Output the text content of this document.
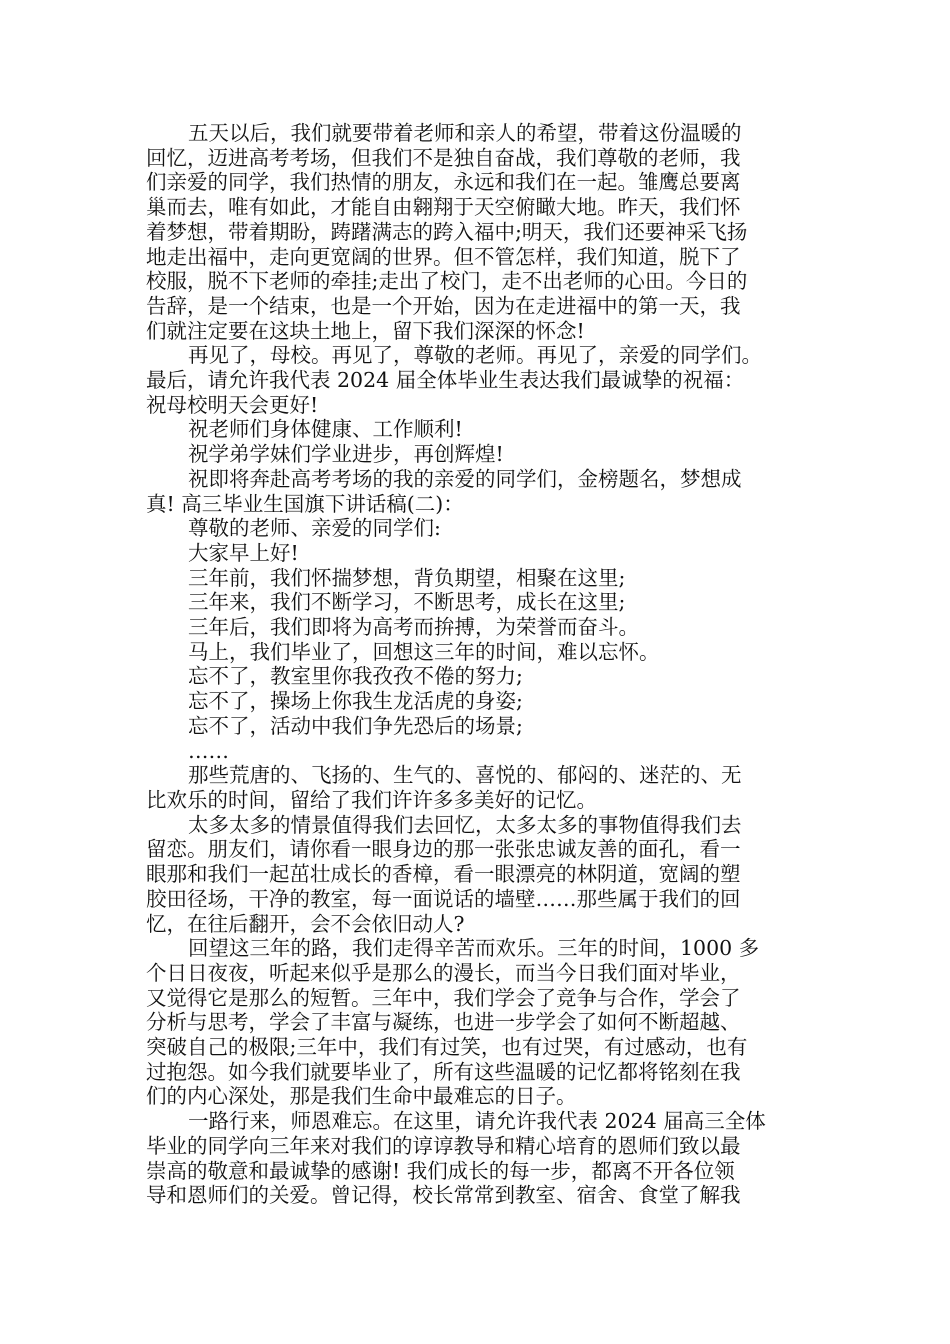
五天以后，我们就要带着老师和亲人的希望，带着这份温暖的

回忆，迈进高考考场，但我们不是独自奋战，我们尊敬的老师，我

们亲爱的同学，我们热情的朋友，永远和我们在一起。雏鹰总要离

巢而去，唯有如此，才能自由翱翔于天空俯瞰大地。昨天，我们怀

着梦想，带着期盼，踌躇满志的跨入福中;明天，我们还要神采飞扬

地走出福中，走向更宽阔的世界。但不管怎样，我们知道，脱下了

校服，脱不下老师的牵挂;走出了校门，走不出老师的心田。今日的

告辞，是一个结束，也是一个开始，因为在走进福中的第一天，我

们就注定要在这块土地上，留下我们深深的怀念!

再见了，母校。再见了，尊敬的老师。再见了，亲爱的同学们。

最后，请允许我代表 2024 届全体毕业生表达我们最诚挚的祝福：

祝母校明天会更好!

祝老师们身体健康、工作顺利!

祝学弟学妹们学业进步，再创辉煌!

祝即将奔赴高考考场的我的亲爱的同学们，金榜题名，梦想成

真! 高三毕业生国旗下讲话稿(二)：

尊敬的老师、亲爱的同学们:

大家早上好!

三年前，我们怀揣梦想，背负期望，相聚在这里;

三年来，我们不断学习，不断思考，成长在这里;

三年后，我们即将为高考而拚搏，为荣誉而奋斗。

马上，我们毕业了，回想这三年的时间，难以忘怀。

忘不了，教室里你我孜孜不倦的努力;

忘不了，操场上你我生龙活虎的身姿;

忘不了，活动中我们争先恐后的场景;

……

那些荒唐的、飞扬的、生气的、喜悦的、郁闷的、迷茫的、无

比欢乐的时间，留给了我们许许多多美好的记忆。

太多太多的情景值得我们去回忆，太多太多的事物值得我们去

留恋。朋友们，请你看一眼身边的那一张张忠诚友善的面孔，看一

眼那和我们一起茁壮成长的香樟，看一眼漂亮的林阴道，宽阔的塑

胶田径场，干净的教室，每一面说话的墙壁……那些属于我们的回

忆，在往后翻开，会不会依旧动人?

回望这三年的路，我们走得辛苦而欢乐。三年的时间，1000 多

个日日夜夜，听起来似乎是那么的漫长，而当今日我们面对毕业，

又觉得它是那么的短暂。三年中，我们学会了竞争与合作，学会了

分析与思考，学会了丰富与凝练，也进一步学会了如何不断超越、

突破自己的极限;三年中，我们有过笑，也有过哭，有过感动，也有

过抱怨。如今我们就要毕业了，所有这些温暖的记忆都将铭刻在我

们的内心深处，那是我们生命中最难忘的日子。

一路行来，师恩难忘。在这里，请允许我代表 2024 届高三全体

毕业的同学向三年来对我们的谆谆教导和精心培育的恩师们致以最

崇高的敬意和最诚挚的感谢! 我们成长的每一步，都离不开各位领

导和恩师们的关爱。曾记得，校长常常到教室、宿舍、食堂了解我
